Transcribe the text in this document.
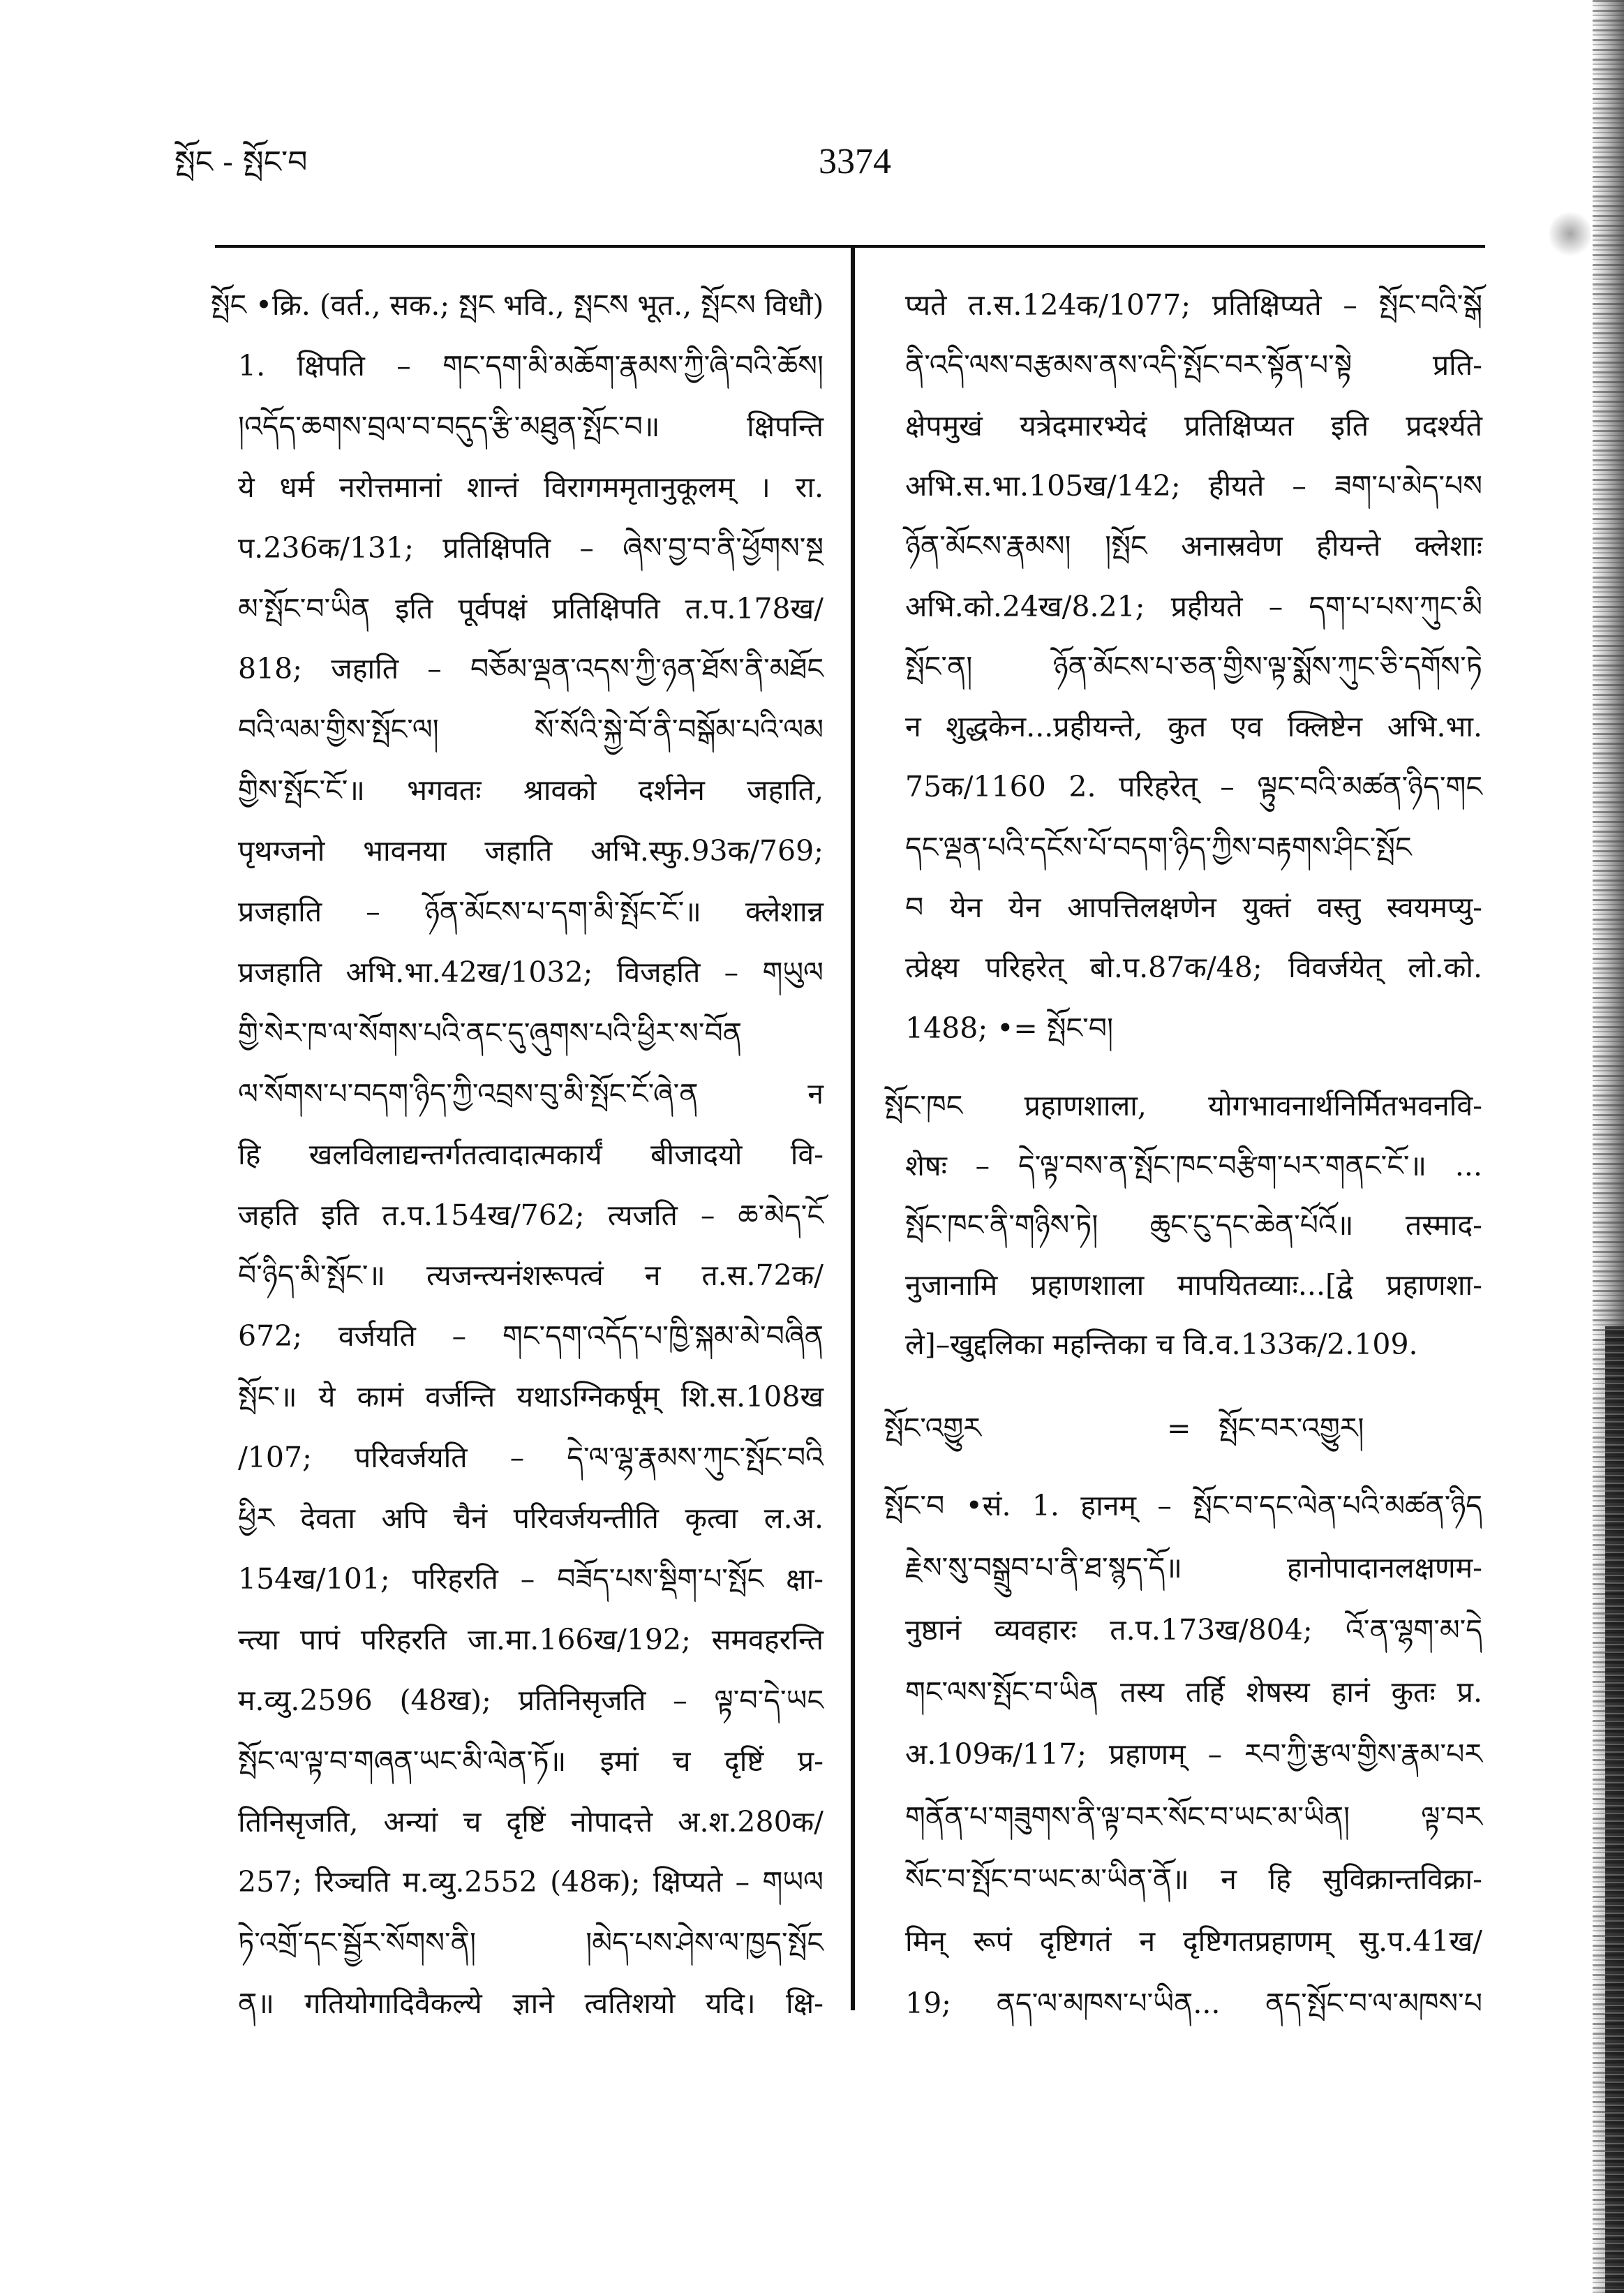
སྤོང - སྤོང་བ	3374
སྤོང •क्रि. (वर्त., सक.; སྤང भवि., སྤངས भूत., སྤོངས विधौ)
1. क्षिपति – གང་དག་མི་མཆོག་རྣམས་ཀྱི་ཞི་བའི་ཆོས།
།འདོད་ཆགས་བྲལ་བ་བདུད་རྩི་མཐུན་སྤོང་བ॥ क्षिपन्ति
ये धर्म नरोत्तमानां शान्तं विरागममृतानुकूलम् । रा.
प.236क/131; प्रतिक्षिपति – ཞེས་བྱ་བ་ནི་ཕྱོགས་སྔ
མ་སྤོང་བ་ཡིན इति पूर्वपक्षं प्रतिक्षिपति त.प.178ख/
818; जहाति – བཅོམ་ལྡན་འདས་ཀྱི་ཉན་ཐོས་ནི་མཐོང
བའི་ལམ་གྱིས་སྤོང་ལ། སོ་སོའི་སྐྱེ་བོ་ནི་བསྒོམ་པའི་ལམ
གྱིས་སྤོང་ངོ་॥ भगवतः श्रावको दर्शनेन जहाति,
पृथग्जनो भावनया जहाति अभि.स्फु.93क/769;
प्रजहाति – ཉོན་མོངས་པ་དག་མི་སྤོང་ངོ་॥ क्लेशान्न
प्रजहाति अभि.भा.42ख/1032; विजहति – གཡུལ
གྱི་སེར་ཁ་ལ་སོགས་པའི་ནང་དུ་ཞུགས་པའི་ཕྱིར་ས་བོན
ལ་སོགས་པ་བདག་ཉིད་ཀྱི་འབྲས་བུ་མི་སྤོང་ངོ་ཞེ་ན न
हि खलविलाद्यन्तर्गतत्वादात्मकार्यं बीजादयो वि-
जहति इति त.प.154ख/762; त्यजति – ཆ་མེད་ངོ
བོ་ཉིད་མི་སྤོང་॥ त्यजन्त्यनंशरूपत्वं न त.स.72क/
672; वर्जयति – གང་དག་འདོད་པ་ཁྱི་སྐམ་མེ་བཞིན
སྤོང་॥ ये कामं वर्जन्ति यथाऽग्निकर्षूम् शि.स.108ख
/107; परिवर्जयति – དེ་ལ་ལྷ་རྣམས་ཀུང་སྤོང་བའི
ཕྱིར देवता अपि चैनं परिवर्जयन्तीति कृत्वा ल.अ.
154ख/101; परिहरति – བཟོད་པས་སྡིག་པ་སྤོང क्षा-
न्त्या पापं परिहरति जा.मा.166ख/192; समवहरन्ति
म.व्यु.2596 (48ख); प्रतिनिसृजति – ལྟ་བ་དེ་ཡང
སྤོང་ལ་ལྟ་བ་གཞན་ཡང་མི་ལེན་ཏོ॥ इमां च दृष्टिं प्र-
तिनिसृजति, अन्यां च दृष्टिं नोपादत्ते अ.श.280क/
257; रिञ्चति म.व्यु.2552 (48क); क्षिप्यते – གཡལ
ཏེ་འགྲོ་དང་སྦྱོར་སོགས་ནི། །མེད་པས་ཤེས་ལ་ཁྱད་སྤོང
ན॥ गतियोगादिवैकल्ये ज्ञाने त्वतिशयो यदि। क्षि-
प्यते त.स.124क/1077; प्रतिक्षिप्यते – སྤོང་བའི་སྒོ
ནི་འདི་ལས་བརྩམས་ནས་འདི་སྤོང་བར་སྟོན་པ་སྟེ प्रति-
क्षेपमुखं यत्रेदमारभ्येदं प्रतिक्षिप्यत इति प्रदर्श्यते
अभि.स.भा.105ख/142; हीयते – ཟག་པ་མེད་པས
ཉོན་མོངས་རྣམས། །སྤོང अनास्रवेण हीयन्ते क्लेशाः
अभि.को.24ख/8.21; प्रहीयते – དག་པ་པས་ཀུང་མི
སྤོང་ན། ཉོན་མོངས་པ་ཅན་གྱིས་ལྟ་སྨོས་ཀུང་ཅི་དགོས་ཏེ
न शुद्धकेन...प्रहीयन्ते, कुत एव क्लिष्टेन अभि.भा.
75क/1160 2. परिहरेत् – ལྟུང་བའི་མཚན་ཉིད་གང
དང་ལྡན་པའི་དངོས་པོ་བདག་ཉིད་ཀྱིས་བརྟགས་ཤིང་སྤོང
བ येन येन आपत्तिलक्षणेन युक्तं वस्तु स्वयमप्यु-
त्प्रेक्ष्य परिहरेत् बो.प.87क/48; विवर्जयेत् लो.को.
1488; •= སྤོང་བ།
སྤོང་ཁང प्रहाणशाला, योगभावनार्थनिर्मितभवनवि-
शेषः – དེ་ལྟ་བས་ན་སྤོང་ཁང་བརྩིག་པར་གནང་ངོ་॥ ...
སྤོང་ཁང་ནི་གཉིས་ཏེ། ཆུང་ངུ་དང་ཆེན་པོའོ॥ तस्माद-
नुजानामि प्रहाणशाला मापयितव्याः...[द्वे प्रहाणशा-
ले]–खुद्दलिका महन्तिका च वि.व.133क/2.109.
སྤོང་བ •सं. 1. हानम् – སྤོང་བ་དང་ལེན་པའི་མཚན་ཉིད
རྗེས་སུ་བསྒྲུབ་པ་ནི་ཐ་སྙད་དོ॥ हानोपादानलक्षणम-
नुष्ठानं व्यवहारः त.प.173ख/804; འོ་ན་ལྷག་མ་དེ
གང་ལས་སྤོང་བ་ཡིན तस्य तर्हि शेषस्य हानं कुतः प्र.
अ.109क/117; प्रहाणम् – རབ་ཀྱི་རྩལ་གྱིས་རྣམ་པར
གནོན་པ་གཟུགས་ནི་ལྟ་བར་སོང་བ་ཡང་མ་ཡིན། ལྟ་བར
སོང་བ་སྤོང་བ་ཡང་མ་ཡིན་ནོ॥ न हि सुविक्रान्तविक्रा-
मिन् रूपं दृष्टिगतं न दृष्टिगतप्रहाणम् सु.प.41ख/
19; ནད་ལ་མཁས་པ་ཡིན... ནད་སྤོང་བ་ལ་མཁས་པ
སྤོང་འགྱུར	= སྤོང་བར་འགྱུར།
